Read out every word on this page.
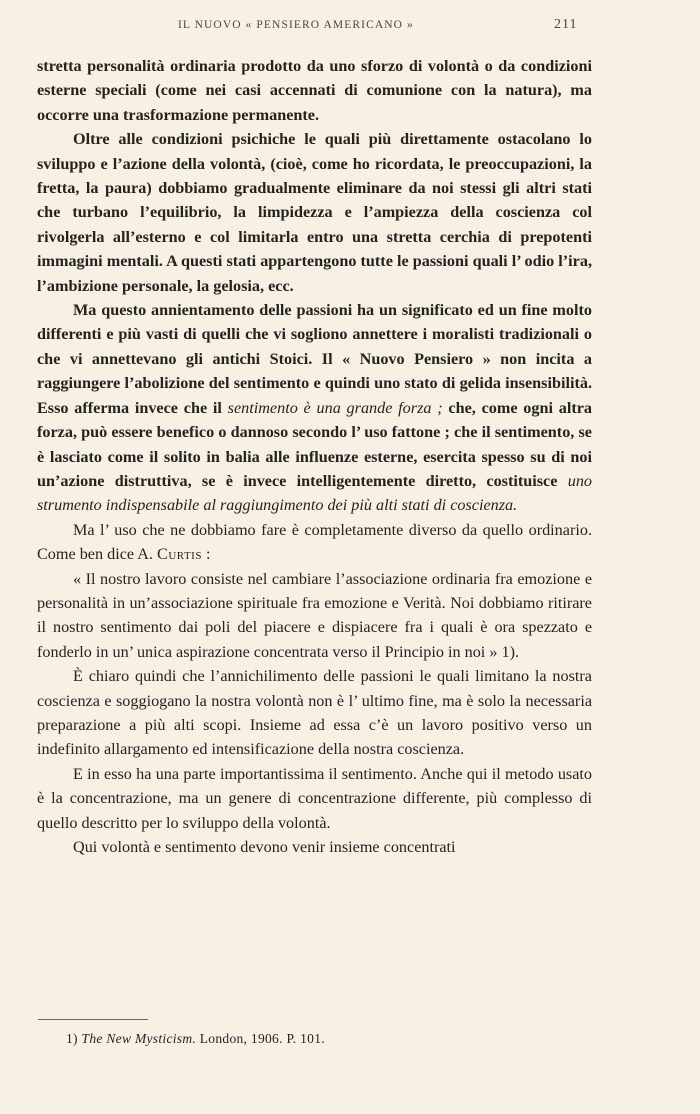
IL NUOVO « PENSIERO AMERICANO »	211

stretta personalità ordinaria prodotto da uno sforzo di volontà o da condizioni esterne speciali (come nei casi accennati di comunione con la natura), ma occorre una trasformazione permanente.

Oltre alle condizioni psichiche le quali più direttamente ostacolano lo sviluppo e l’azione della volontà, (cioè, come ho ricordata, le preoccupazioni, la fretta, la paura) dobbiamo gradualmente eliminare da noi stessi gli altri stati che turbano l’equilibrio, la limpidezza e l’ampiezza della coscienza col rivolgerla all’esterno e col limitarla entro una stretta cerchia di prepotenti immagini mentali. A questi stati appartengono tutte le passioni quali l’ odio l’ira, l’ambizione personale, la gelosia, ecc.

Ma questo annientamento delle passioni ha un significato ed un fine molto differenti e più vasti di quelli che vi sogliono annettere i moralisti tradizionali o che vi annettevano gli antichi Stoici. Il « Nuovo Pensiero » non incita a raggiungere l’abolizione del sentimento e quindi uno stato di gelida insensibilità. Esso afferma invece che il sentimento è una grande forza ; che, come ogni altra forza, può essere benefico o dannoso secondo l’ uso fattone ; che il sentimento, se è lasciato come il solito in balia alle influenze esterne, esercita spesso su di noi un’azione distruttiva, se è invece intelligentemente diretto, costituisce uno strumento indispensabile al raggiungimento dei più alti stati di coscienza.

Ma l’ uso che ne dobbiamo fare è completamente diverso da quello ordinario. Come ben dice A. Curtis :

« Il nostro lavoro consiste nel cambiare l’associazione ordinaria fra emozione e personalità in un’associazione spirituale fra emozione e Verità. Noi dobbiamo ritirare il nostro sentimento dai poli del piacere e dispiacere fra i quali è ora spezzato e fonderlo in un’ unica aspirazione concentrata verso il Principio in noi » 1).

È chiaro quindi che l’annichilimento delle passioni le quali limitano la nostra coscienza e soggiogano la nostra volontà non è l’ ultimo fine, ma è solo la necessaria preparazione a più alti scopi. Insieme ad essa c’è un lavoro positivo verso un indefinito allargamento ed intensificazione della nostra coscienza.

E in esso ha una parte importantissima il sentimento. Anche qui il metodo usato è la concentrazione, ma un genere di concentrazione differente, più complesso di quello descritto per lo sviluppo della volontà.

Qui volontà e sentimento devono venir insieme concentrati

1) The New Mysticism. London, 1906. P. 101.
